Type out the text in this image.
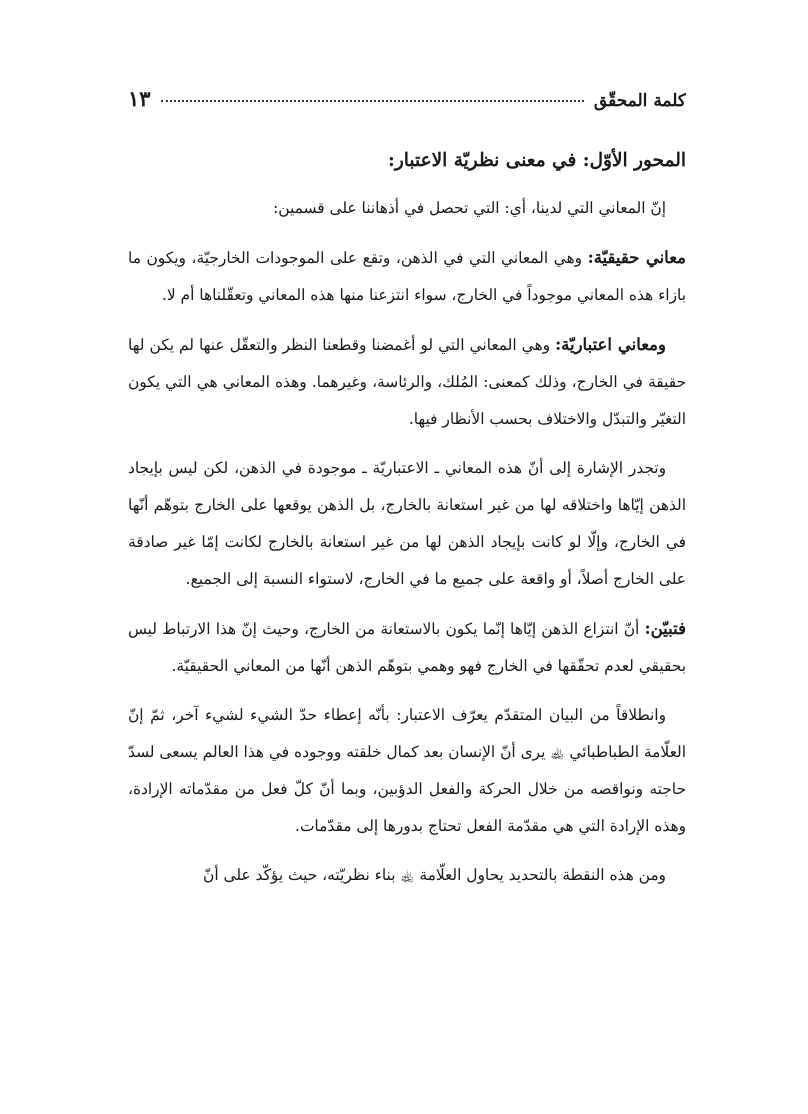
كلمة المحقّق
١٣
المحور الأوّل: في معنى نظريّة الاعتبار:

إنّ المعاني التي لدينا، أي: التي تحصل في أذهاننا على قسمين:

معاني حقيقيّة: وهي المعاني التي في الذهن، وتقع على الموجودات الخارجيّة، ويكون ما بازاء هذه المعاني موجوداً في الخارج، سواء انتزعنا منها هذه المعاني وتعقّلناها أم لا.

ومعاني اعتباريّة: وهي المعاني التي لو أغمضنا وقطعنا النظر والتعقّل عنها لم يكن لها حقيقة في الخارج، وذلك كمعنى: المُلك، والرئاسة، وغيرهما. وهذه المعاني هي التي يكون التغيّر والتبدّل والاختلاف بحسب الأنظار فيها.

وتجدر الإشارة إلى أنّ هذه المعاني ـ الاعتباريّة ـ موجودة في الذهن، لكن ليس بإيجاد الذهن إيّاها واختلاقه لها من غير استعانة بالخارج، بل الذهن يوقعها على الخارج بتوهّم أنّها في الخارج، وإلّا لو كانت بإيجاد الذهن لها من غير استعانة بالخارج لكانت إمّا غير صادقة على الخارج أصلاً، أو واقعة على جميع ما في الخارج، لاستواء النسبة إلى الجميع.

فتبيّن: أنّ انتزاع الذهن إيّاها إنّما يكون بالاستعانة من الخارج، وحيث إنّ هذا الارتباط ليس بحقيقي لعدم تحقّقها في الخارج فهو وهمي بتوهّم الذهن أنّها من المعاني الحقيقيّة.

وانطلاقاً من البيان المتقدّم يعرّف الاعتبار: بأنّه إعطاء حدّ الشيء لشيء آخر، ثمّ إنّ العلّامة الطباطبائي ﵀ يرى أنّ الإنسان بعد كمال خلقته ووجوده في هذا العالم يسعى لسدّ حاجته ونواقصه من خلال الحركة والفعل الدؤبين، وبما أنّ كلّ فعل من مقدّماته الإرادة، وهذه الإرادة التي هي مقدّمة الفعل تحتاج بدورها إلى مقدّمات.

ومن هذه النقطة بالتحديد يحاول العلّامة ﵀ بناء نظريّته، حيث يؤكّد على أنّ
